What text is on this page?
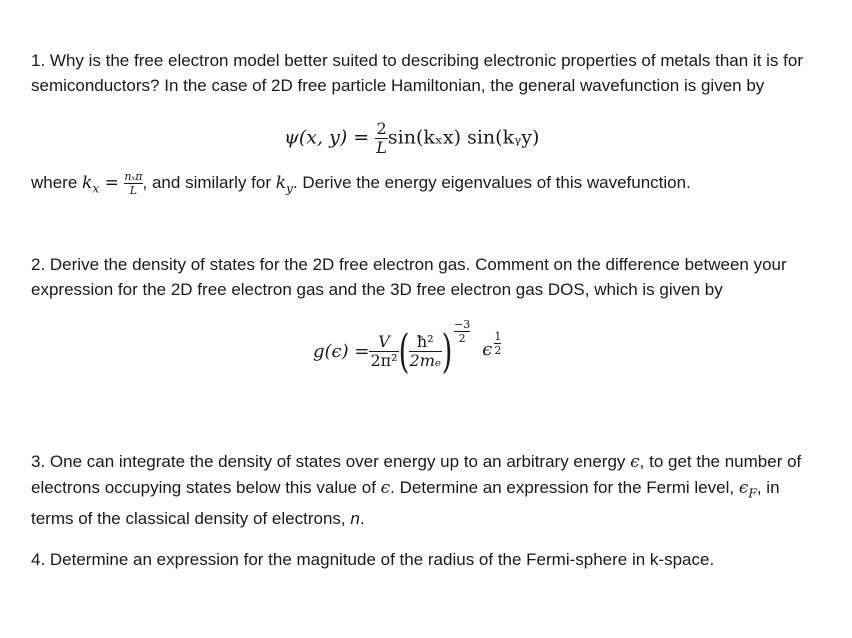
1. Why is the free electron model better suited to describing electronic properties of metals than it is for semiconductors? In the case of 2D free particle Hamiltonian, the general wavefunction is given by
ψ(x, $y) = \frac{2}{L} \sin(k_xx)$ sin(kᵧy)
where $k_x = n_x\pi$
L , and similarly for $k_y$. Derive the energy eigenvalues of this wavefunction.
2. Derive the density of states for the 2D free electron gas. Comment on the difference between your expression for the 2D free electron gas and the 3D free electron gas DOS, which is given by
$g(\epsilon) = \frac{V}{\text{2π²}}$ ( $\frac{\text{ħ²}}{\text{2mₑ}}$ ) $\frac{-3}{2}$
ϵ $\frac{1}{2}$
3. One can integrate the density of states over energy up to an arbitrary energy ϵ, to get the number of electrons occupying states below this value of ϵ. Determine an expression for the Fermi level, $\epsilon_F$, in terms of the classical density of electrons, n.
4. Determine an expression for the magnitude of the radius of the Fermi-sphere in k-space.
